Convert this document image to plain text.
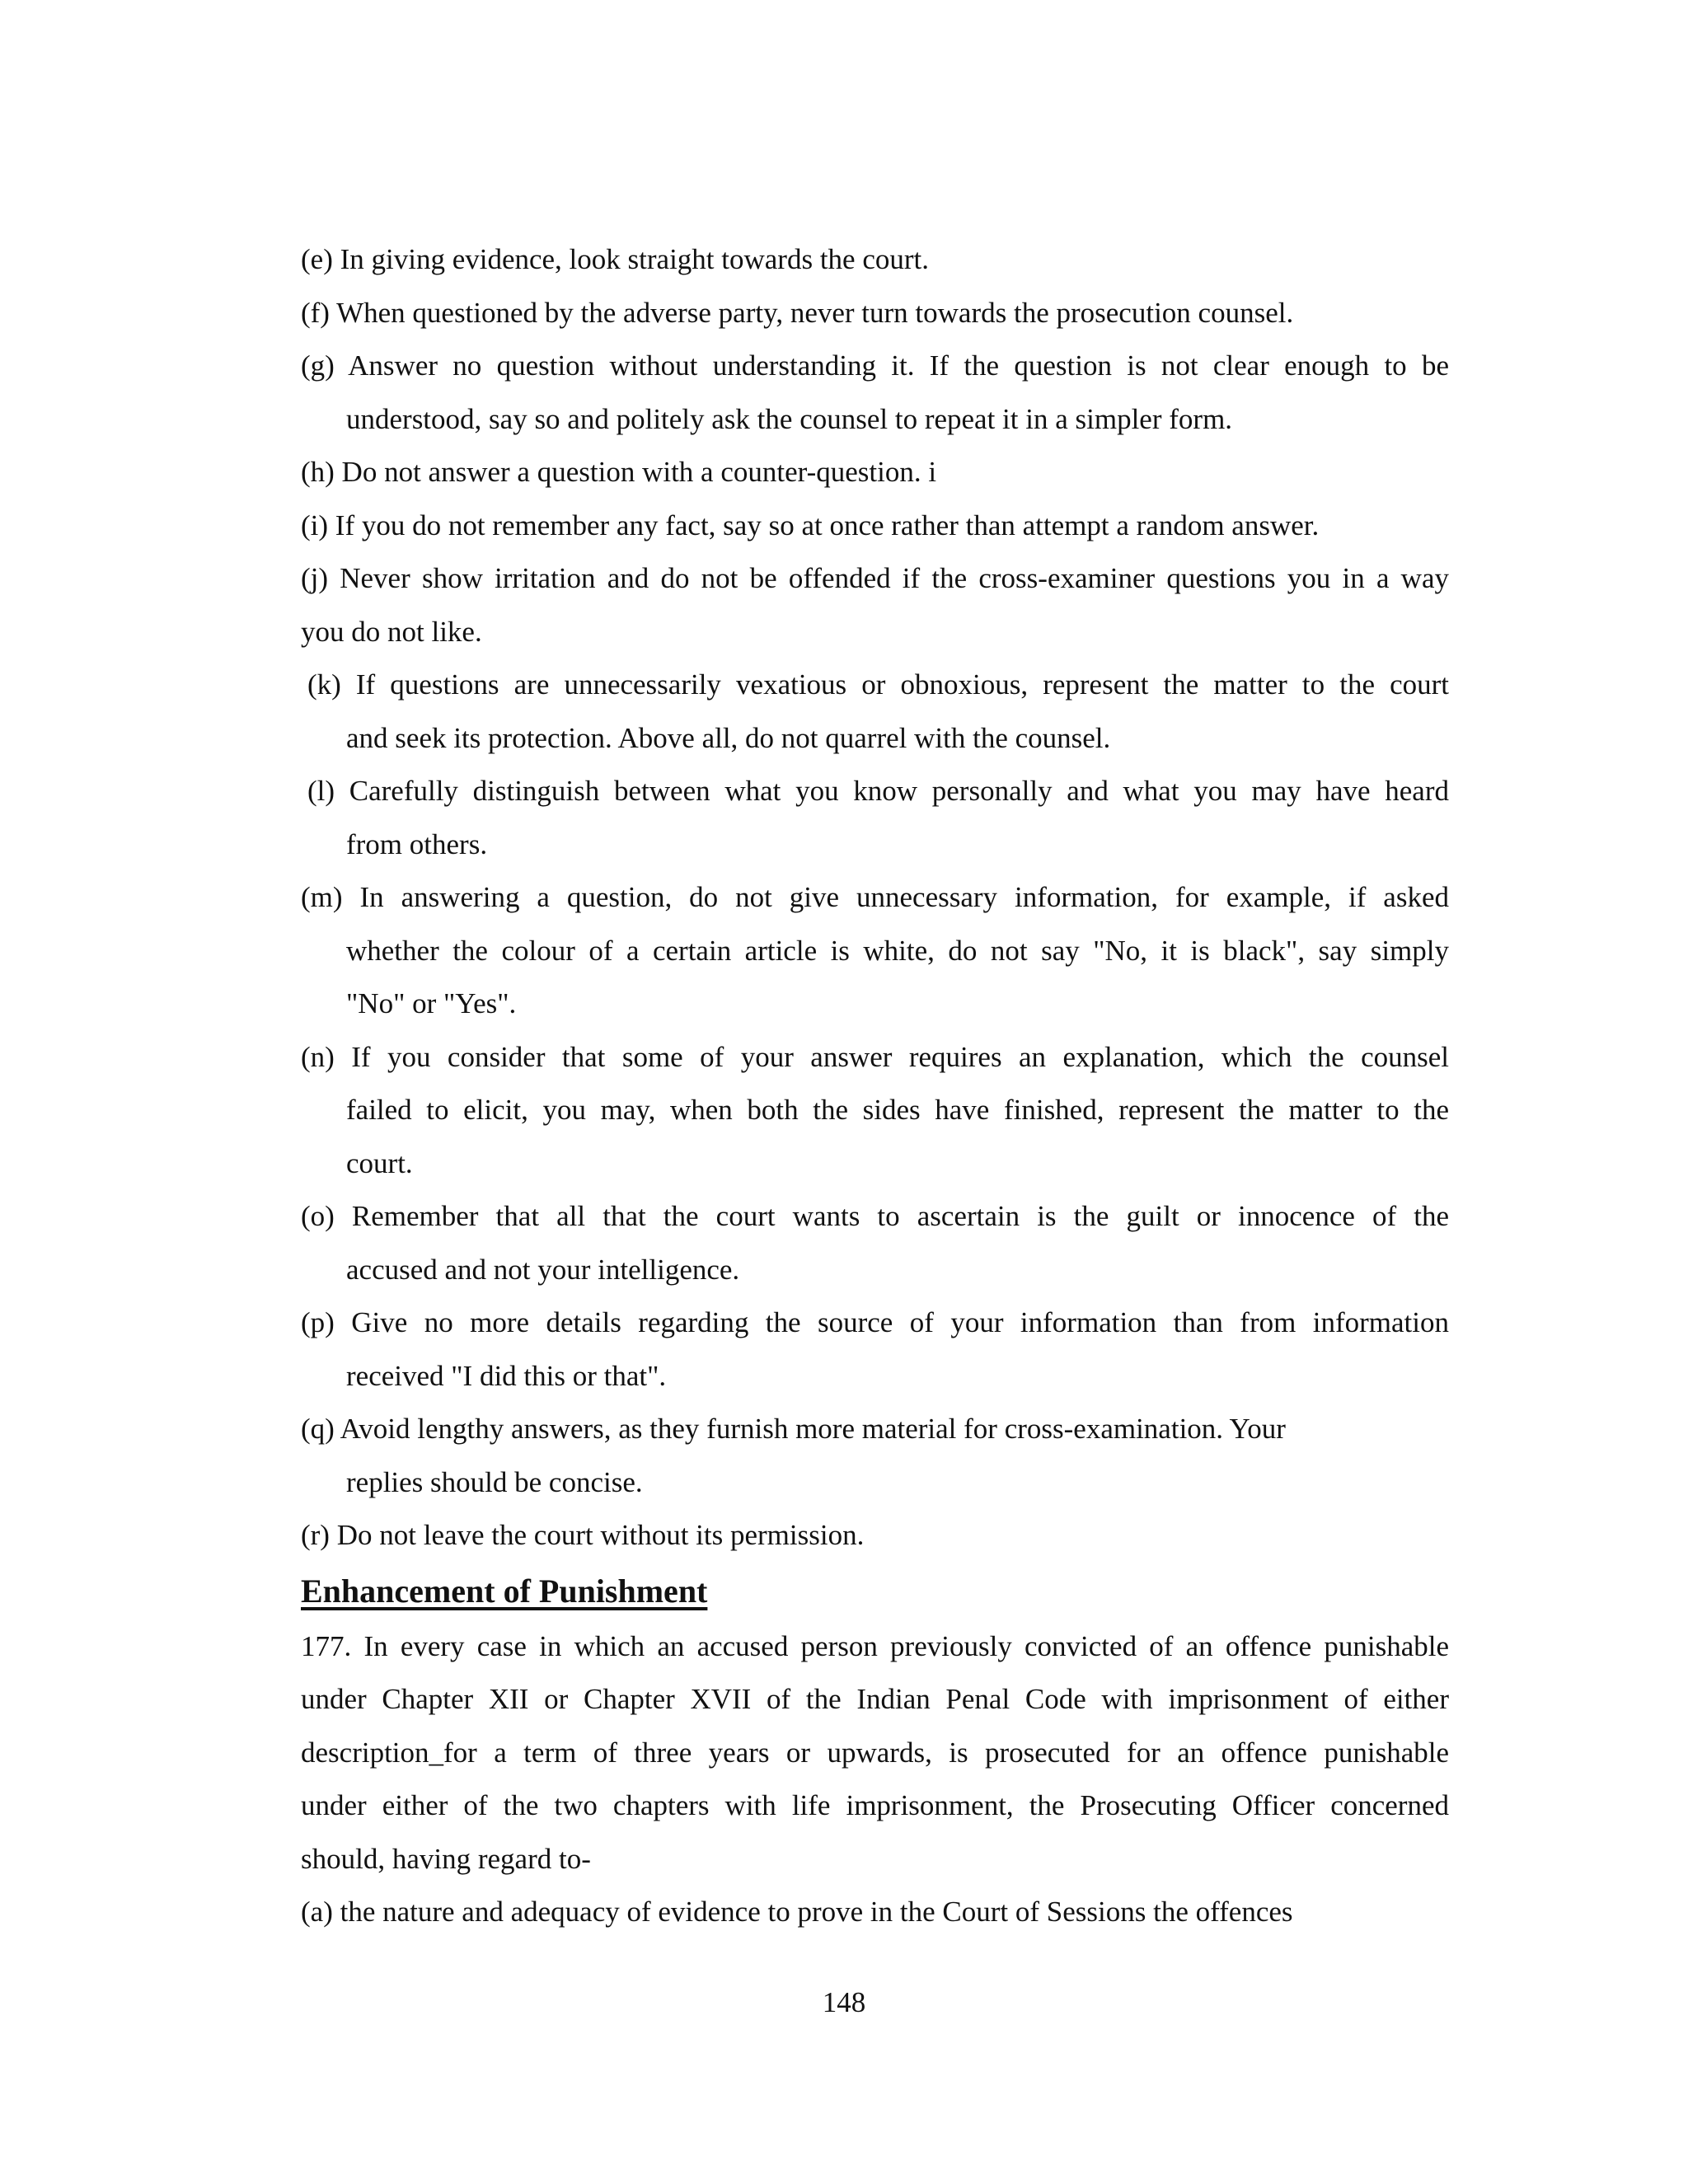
(e) In giving evidence, look straight towards the court.

(f) When questioned by the adverse party, never turn towards the prosecution counsel.

(g) Answer no question without understanding it. If the question is not clear enough to be

understood, say so and politely ask the counsel to repeat it in a simpler form.

(h) Do not answer a question with a counter-question. i

(i) If you do not remember any fact, say so at once rather than attempt a random answer.

(j) Never show irritation and do not be offended if the cross-examiner questions you in a way

you do not like.

(k) If questions are unnecessarily vexatious or obnoxious, represent the matter to the court

and seek its protection. Above all, do not quarrel with the counsel.

(l) Carefully distinguish between what you know personally and what you may have heard

from others.

(m) In answering a question, do not give unnecessary information, for example, if asked

whether the colour of a certain article is white, do not say "No, it is black", say simply

"No" or "Yes".

(n) If you consider that some of your answer requires an explanation, which the counsel

failed to elicit, you may, when both the sides have finished, represent the matter to the

court.

(o) Remember that all that the court wants to ascertain is the guilt or innocence of the

accused and not your intelligence.

(p) Give no more details regarding the source of your information than from information

received "I did this or that".

(q) Avoid lengthy answers, as they furnish more material for cross-examination. Your

replies should be concise.

(r) Do not leave the court without its permission.

Enhancement of Punishment

177. In every case in which an accused person previously convicted of an offence punishable

under Chapter XII or Chapter XVII of the Indian Penal Code with imprisonment of either

description_for a term of three years or upwards, is prosecuted for an offence punishable

under either of the two chapters with life imprisonment, the Prosecuting Officer concerned

should, having regard to-

(a) the nature and adequacy of evidence to prove in the Court of Sessions the offences

148
